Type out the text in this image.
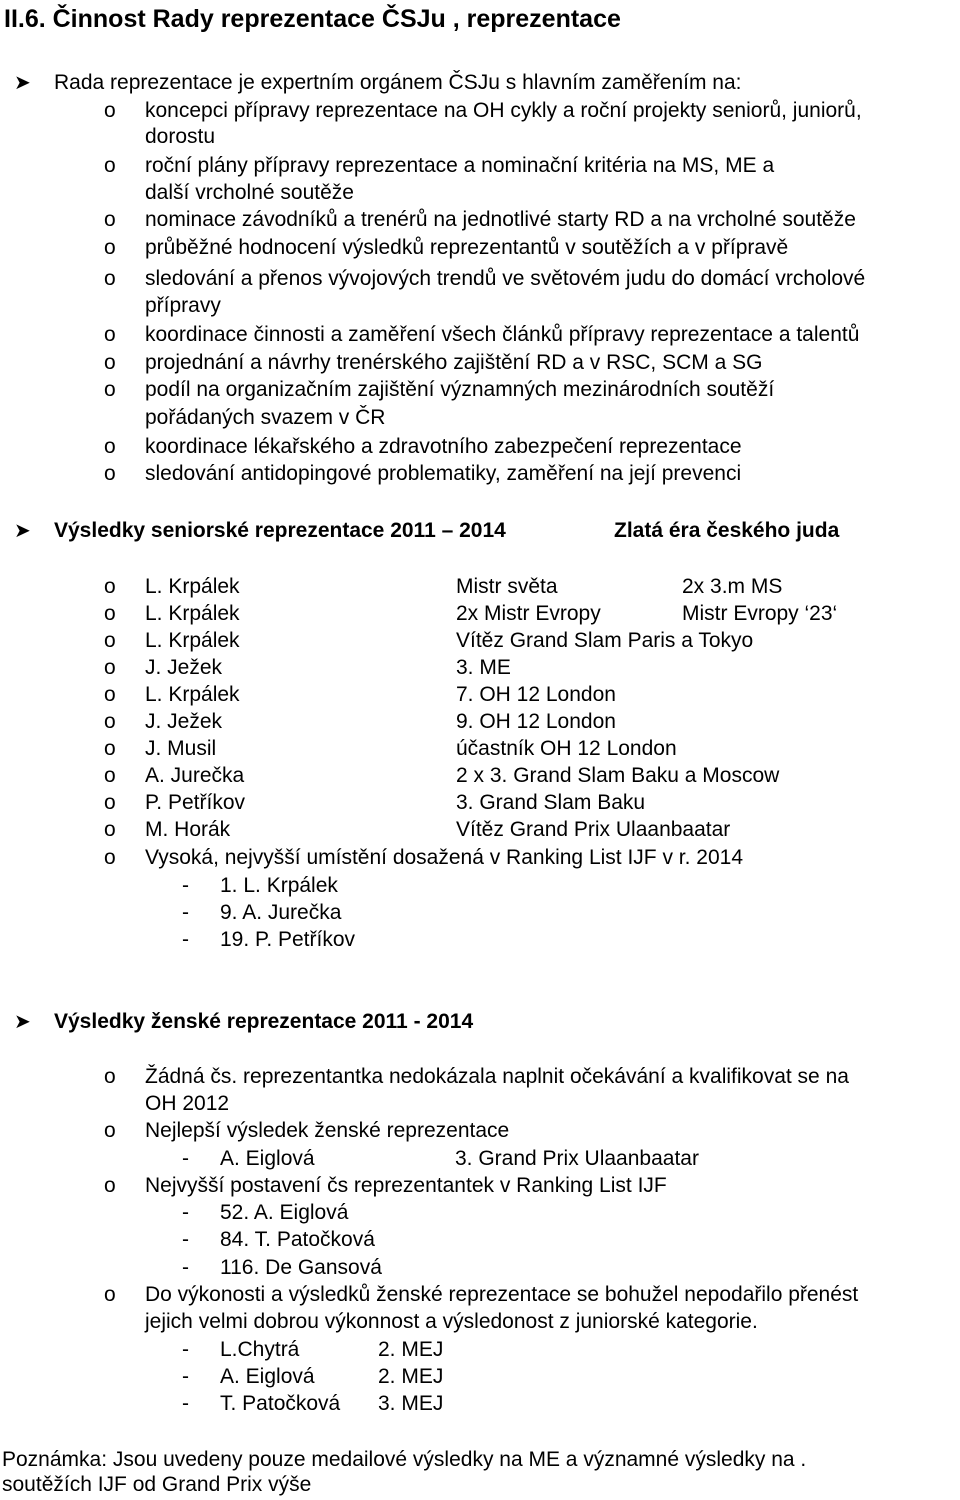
II.6. Činnost Rady reprezentace ČSJu , reprezentace
➤ Rada reprezentace je expertním orgánem ČSJu s hlavním zaměřením na:
o koncepci přípravy reprezentace na OH cykly a roční projekty seniorů, juniorů,
dorostu
o roční plány přípravy reprezentace a nominační kritéria na MS, ME a
další vrcholné soutěže
o nominace závodníků a trenérů na jednotlivé starty RD a na vrcholné soutěže
o průběžné hodnocení výsledků reprezentantů v soutěžích a v přípravě
o sledování a přenos vývojových trendů ve světovém judu do domácí vrcholové
přípravy
o koordinace činnosti a zaměření všech článků přípravy reprezentace a talentů
o projednání a návrhy trenérského zajištění RD a v RSC, SCM a SG
o podíl na organizačním zajištění významných mezinárodních soutěží
pořádaných svazem v ČR
o koordinace lékařského a zdravotního zabezpečení reprezentace
o sledování antidopingové problematiky, zaměření na její prevenci
➤ Výsledky seniorské reprezentace 2011 – 2014	Zlatá éra českého juda
o L. Krpálek	Mistr světa	2x 3.m MS
o L. Krpálek	2x Mistr Evropy	Mistr Evropy ‘23‘
o L. Krpálek	Vítěz Grand Slam Paris a Tokyo
o J. Ježek	3. ME
o L. Krpálek	7. OH 12 London
o J. Ježek	9. OH 12 London
o J. Musil	účastník OH 12 London
o A. Jurečka	2 x 3. Grand Slam Baku a Moscow
o P. Petříkov	3. Grand Slam Baku
o M. Horák	Vítěz Grand Prix Ulaanbaatar
o Vysoká, nejvyšší umístění dosažená v Ranking List IJF v r. 2014
- 1. L. Krpálek
- 9. A. Jurečka
- 19. P. Petříkov
➤ Výsledky ženské reprezentace 2011 - 2014
o Žádná čs. reprezentantka nedokázala naplnit očekávání a kvalifikovat se na
OH 2012
o Nejlepší výsledek ženské reprezentace
- A. Eiglová	3. Grand Prix Ulaanbaatar
o Nejvyšší postavení čs reprezentantek v Ranking List IJF
- 52. A. Eiglová
- 84. T. Patočková
- 116. De Gansová
o Do výkonosti a výsledků ženské reprezentace se bohužel nepodařilo přenést
jejich velmi dobrou výkonnost a výsledonost z juniorské kategorie.
- L.Chytrá	2. MEJ
- A. Eiglová	2. MEJ
- T. Patočková 3. MEJ
Poznámka: Jsou uvedeny pouze medailové výsledky na ME a významné výsledky na .
soutěžích IJF od Grand Prix výše
